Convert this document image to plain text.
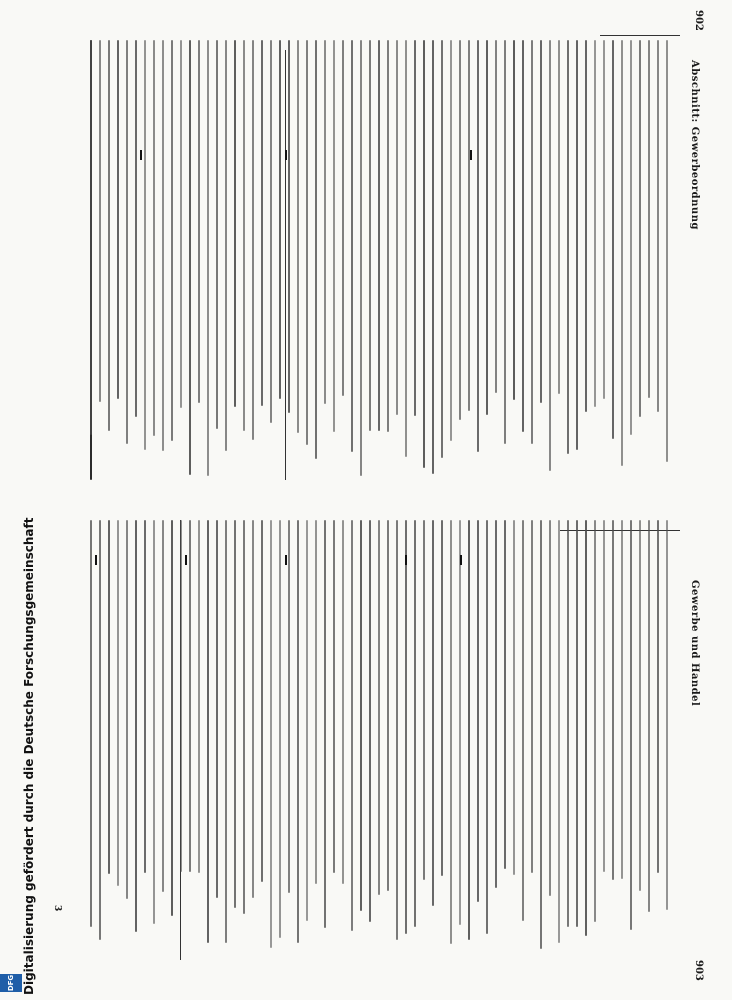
902
903
Abschnitt: Gewerbeordnung
Gewerbe und Handel
3
DFG Digitalisierung gefördert durch die Deutsche Forschungsgemeinschaft
